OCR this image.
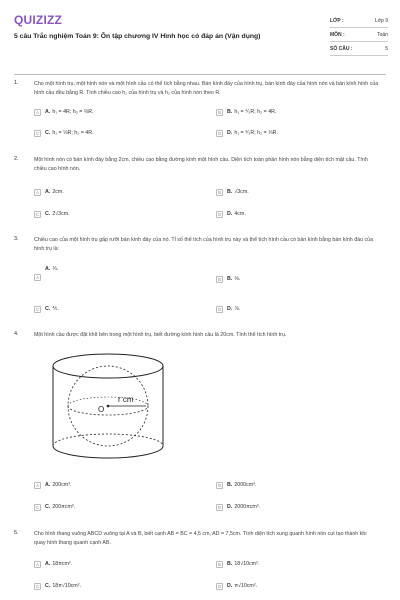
QUIZIZZ
5 câu Trắc nghiệm Toán 9: Ôn tập chương IV Hình học có đáp án (Vận dụng)
LỚP :	Lớp 9
MÔN :	Toán
SỐ CÂU :	5
1.	Cho một hình trụ, một hình nón và một hình cầu có thể tích bằng nhau. Bán kính đáy của hình trụ, bán kính đáy của hình nón và bán kính hình của hình cầu đều bằng R. Tính chiều cao h₁ của hình trụ và h₂ của hình nón theo R.
A	A. h₁ = 4R; h₂ = ⅔R.	B	B. h₁ = ⁴⁄₃R; h₂ = 4R.
C	C. h₁ = ⅓R; h₂ = 4R.	D	D. h₁ = ⁴⁄₃R; h₂ = ⅓R.
2.	Một hình nón có bán kính đáy bằng 2cm, chiều cao bằng đường kính một hình cầu. Diện tích toàn phần hình nón bằng diện tích mặt cầu. Tính chiều cao hình nón.
A	A. 2cm.	B	B. √3cm.
C	C. 2√3cm.	D	D. 4cm.
3.	Chiều cao của một hình trụ gấp rưỡi bán kính đáy của nó. Tỉ số thể tích của hình trụ này và thể tích hình cầu có bán kính bằng bán kính đáu của hình trụ là:
A
A. ⅓.
B	B. ⅛.
C	C. ⅘.	D	D. ⅞.
4.	Một hình cầu được đặt khít bên trong một hình trụ, biết đường kính hình cầu là 20cm. Tính thể tích hình trụ.
r cm
O
A	A. 200cm³.	B	B. 2000cm³.
C	C. 200πcm³.	D	D. 2000πcm³.
5.	Cho hình thang vuông ABCD vuông tại A và B, biết cạnh AB = BC = 4,5 cm, AD = 7,5cm. Tính diện tích xung quanh hình nón cụt tạo thành khi quay hình thang quanh cạnh AB.
A	A. 18πcm².	B	B. 18√10cm².
C	C. 18π√10cm².	D	D. π√10cm².
